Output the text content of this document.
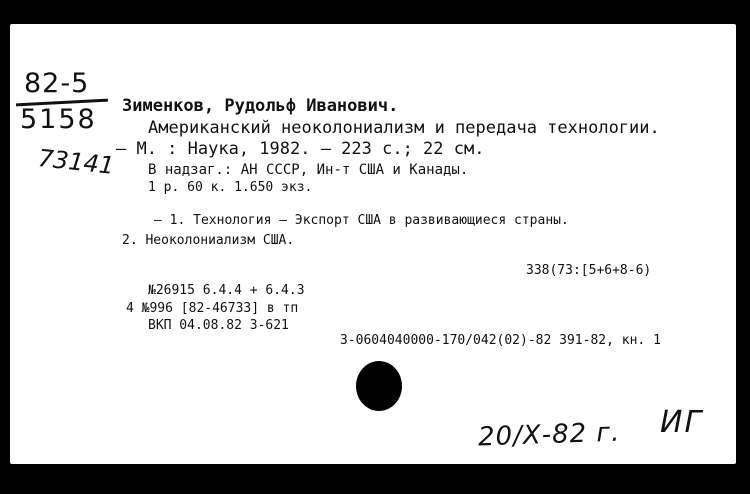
82-5
5158
73141
Зименков, Рудольф Иванович.
Американский неоколониализм и передача технологии.
— М. : Наука, 1982. — 223 с.; 22 см.
В надзаг.: АН СССР, Ин-т США и Канады.
1 р. 60 к. 1.650 экз.
— 1. Технология — Экспорт США в развивающиеся страны.
2. Неоколониализм США.
338(73:[5+6+8-6)
№26915 6.4.4 + 6.4.3
4 №996 [82-46733] в тп
ВКП 04.08.82 3-621
3-0604040000-170/042(02)-82 391-82, кн. 1
20/Х-82 г. ИГ
